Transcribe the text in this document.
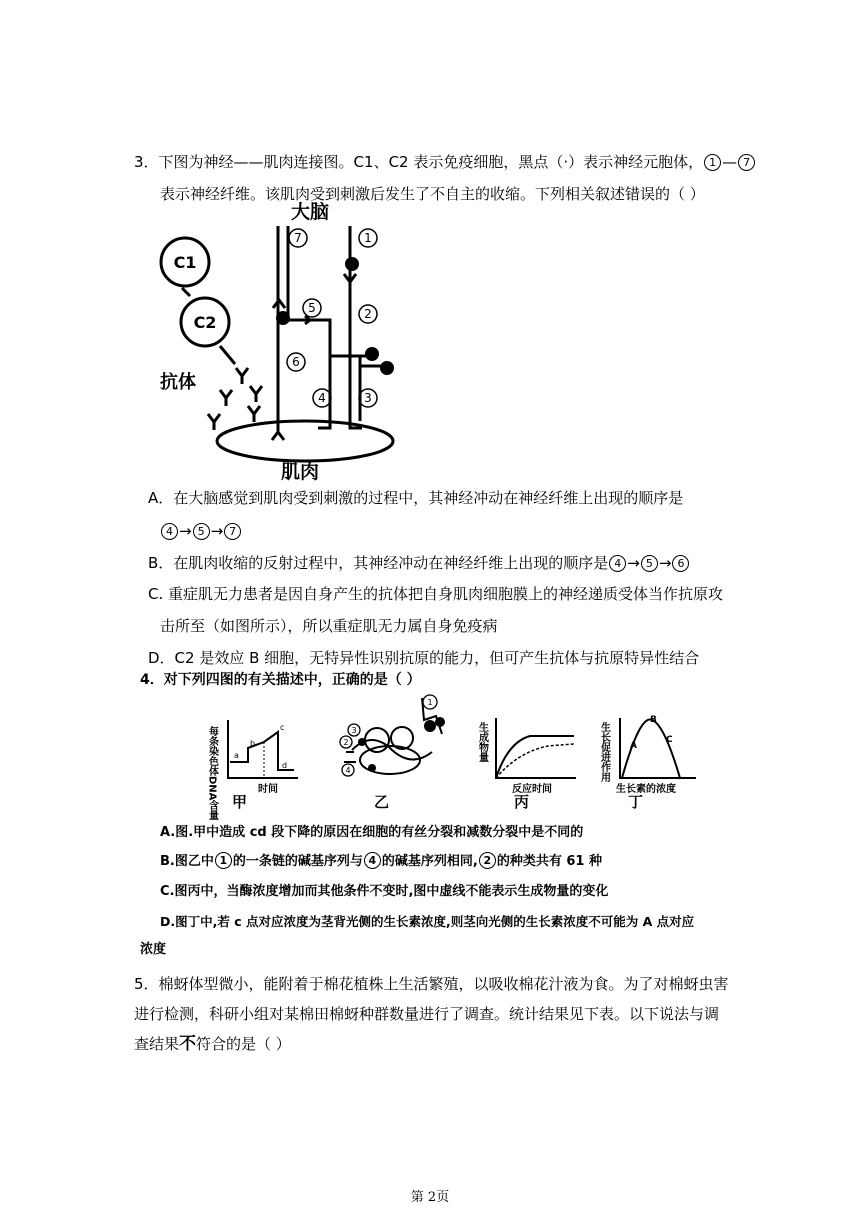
3．下图为神经——肌肉连接图。C1、C2 表示免疫细胞，黑点（·）表示神经元胞体， 1 — 7
表示神经纤维。该肌肉受到刺激后发生了不自主的收缩。下列相关叙述错误的（ ）
大脑
肌肉
抗体
C1
C2
7	1
5	2
6
4	3
A．在大脑感觉到肌肉受到刺激的过程中，其神经冲动在神经纤维上出现的顺序是
4 → 5 → 7
B．在肌肉收缩的反射过程中，其神经冲动在神经纤维上出现的顺序是 4 → 5 → 6
C. 重症肌无力患者是因自身产生的抗体把自身肌肉细胞膜上的神经递质受体当作抗原攻
击所至（如图所示），所以重症肌无力属自身免疫病
D．C2 是效应 B 细胞，无特异性识别抗原的能力，但可产生抗体与抗原特异性结合
4．对下列四图的有关描述中，正确的是（ ）
每条染色体DNA含量	时间
a
b
c
d
1
2
3
4
生成物量
反应时间
生长促进作用
生长素的浓度
A
B
C
甲	乙	丙	丁
A.图.甲中造成 cd 段下降的原因在细胞的有丝分裂和减数分裂中是不同的
B.图乙中 1 的一条链的碱基序列与 4 的碱基序列相同, 2 的种类共有 61 种
C.图丙中，当酶浓度增加而其他条件不变时,图中虚线不能表示生成物量的变化
D.图丁中,若 c 点对应浓度为茎背光侧的生长素浓度,则茎向光侧的生长素浓度不可能为 A 点对应
浓度
5．棉蚜体型微小，能附着于棉花植株上生活繁殖，以吸收棉花汁液为食。为了对棉蚜虫害
进行检测，科研小组对某棉田棉蚜种群数量进行了调查。统计结果见下表。以下说法与调
查结果不符合的是（ ）
第 2页
